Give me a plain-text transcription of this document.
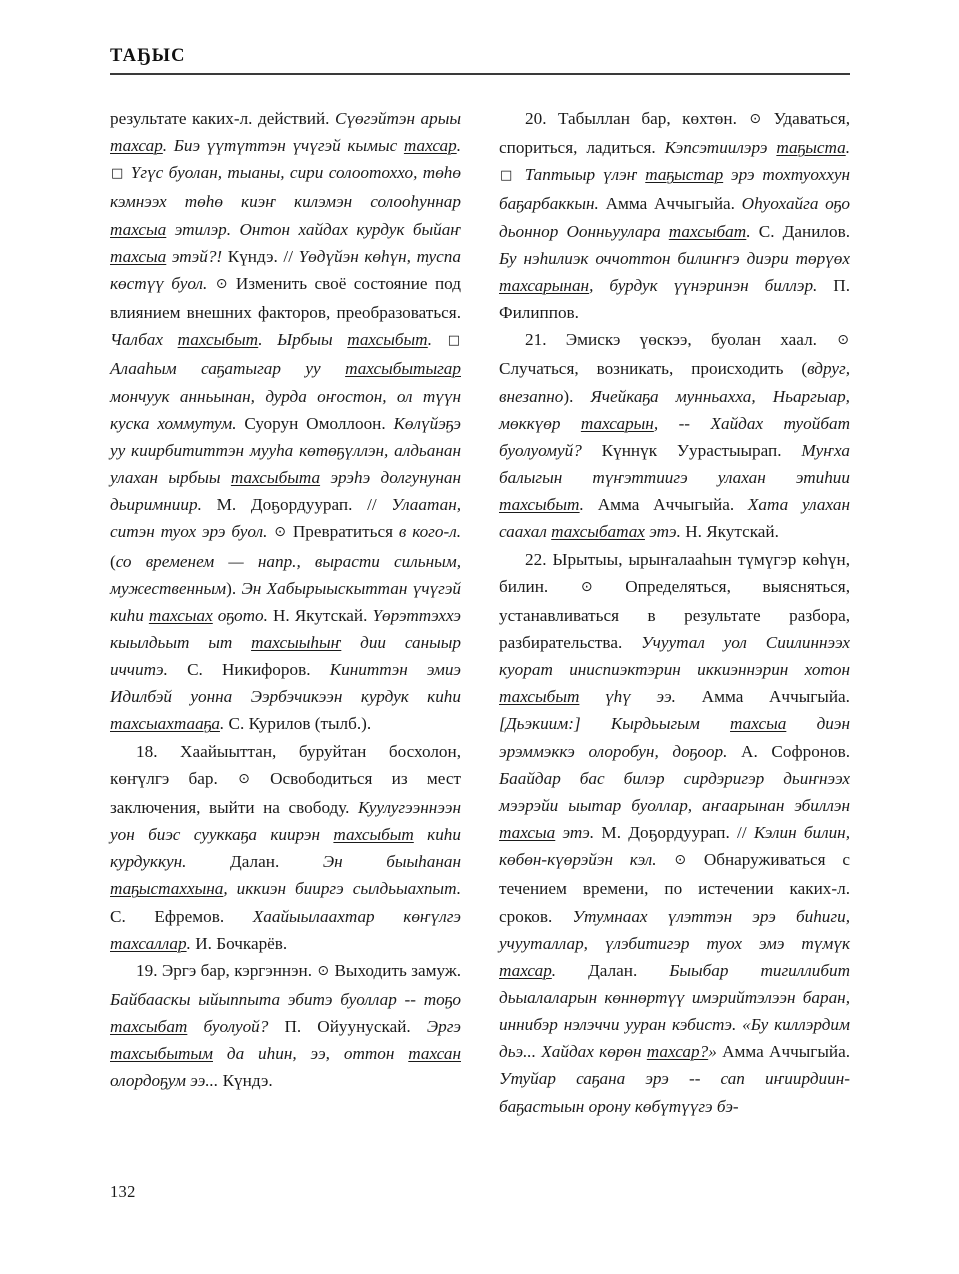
ТАҔЫС

результате каких-л. действий. Сүөгэйтэн арыы тахсар. Биэ үүтүттэн үчүгэй кымыс тахсар. □ Үгүс буолан, тыаны, сири солоотоххо, төһө кэмнээх төһө киэҥ килэмэн солооһуннар тахсыа этилэр. Онтон хайдах курдук быйаҥ тахсыа этэй?! Күндэ. // Үөдүйэн көһүн, туспа көстүү буол. ⊙ Изменить своё состояние под влиянием внешних факторов, преобразоваться. Чалбах тахсыбыт. Ырбыы тахсыбыт. □ Алааһым саҕатыгар уу тахсыбытыгар мончуук анньынан, дурда оҥостон, ол түүн куска хоммутум. Суорун Омоллоон. Көлүйэҕэ уу киирбититтэн мууһа көтөҕүллэн, алдьанан улахан ырбыы тахсыбыта эрэһэ долгунунан дьиримниир. М. Доҕордуурап. // Улаатан, ситэн туох эрэ буол. ⊙ Превратиться в кого-л. (со временем — напр., вырасти сильным, мужественным). Эн Хабырыыскыттан үчүгэй киһи тахсыах оҕото. Н. Якутскай. Үөрэттэххэ кыылдьыт ыт тахсыыһыҥ дии саныыр иччитэ. С. Никифоров. Киниттэн эмиэ Идилбэй уонна Ээрбэчикээн курдук киһи тахсыахтааҕа. С. Курилов (тылб.).

18. Хаайыыттан, буруйтан босхолон, көҥүлгэ бар. ⊙ Освободиться из мест заключения, выйти на свободу. Куулугээннээн уон биэс сууккаҕа киирэн тахсыбыт киһи курдуккун. Далан. Эн быыһанан таҕыстаххына, иккиэн бииргэ сылдьыахпыт. С. Ефремов. Хаайыылаахтар көҥүлгэ тахсаллар. И. Бочкарёв.

19. Эргэ бар, кэргэннэн. ⊙ Выходить замуж. Байбааскы ыйыппыта эбитэ буоллар -- тоҕо тахсыбат буолуой? П. Ойуунускай. Эргэ тахсыбытым да иһин, ээ, оттон тахсан олордоҕум ээ... Күндэ.

20. Табыллан бар, көхтөн. ⊙ Удаваться, спориться, ладиться. Кэпсэтиилэрэ таҕыста. □ Таптыыр үлэҥ таҕыстар эрэ тохтуоххун баҕарбаккын. Амма Аччыгыйа. Оһуохайга оҕо дьоннор Оонньуулара тахсыбат. С. Данилов. Бу нэһилиэк оччоттон билиҥҥэ диэри төрүөх тахсарынан, бурдук үүнэринэн биллэр. П. Филиппов.

21. Эмискэ үөскээ, буолан хаал. ⊙ Случаться, возникать, происходить (вдруг, внезапно). Ячейкаҕа мунньахха, Ньаргыар, мөккүөр тахсарын, -- Хайдах туойбат буолуомуй? Күннүк Уурастыырап. Муҥха балыгын түҥэттиигэ улахан этиһии тахсыбыт. Амма Аччыгыйа. Хата улахан саахал тахсыбатах этэ. Н. Якутскай.

22. Ырытыы, ырыҥалааһын түмүгэр көһүн, билин. ⊙ Определяться, выясняться, устанавливаться в результате разбора, разбирательства. Учуутал уол Сиилиннээх куорат иниспиэктэрин иккиэннэрин хотон тахсыбыт үһү ээ. Амма Аччыгыйа. [Дьэкиим:] Кырдьыгым тахсыа диэн эрэммэккэ олоробун, доҕоор. А. Софронов. Баайдар бас билэр сирдэригэр дьиҥнээх мээрэйи ыытар буоллар, аҥаарынан эбиллэн тахсыа этэ. М. Доҕордуурап. // Кэлин билин, көбөн-күөрэйэн кэл. ⊙ Обнаруживаться с течением времени, по истечении каких-л. сроков. Утумнаах үлэттэн эрэ биһиги, учууталлар, үлэбитигэр туох эмэ түмүк тахсар. Далан. Быыбар тигиллибит дьыалаларын көннөртүү имэрийтэлээн баран, иннибэр нэлэччи ууран кэбистэ. «Бу киллэрдим дьэ... Хайдах көрөн тахсар?» Амма Аччыгыйа. Утуйар саҕана эрэ -- сап иҥиирдиин-баҕастыын орону көбүтүүгэ бэ-

132
